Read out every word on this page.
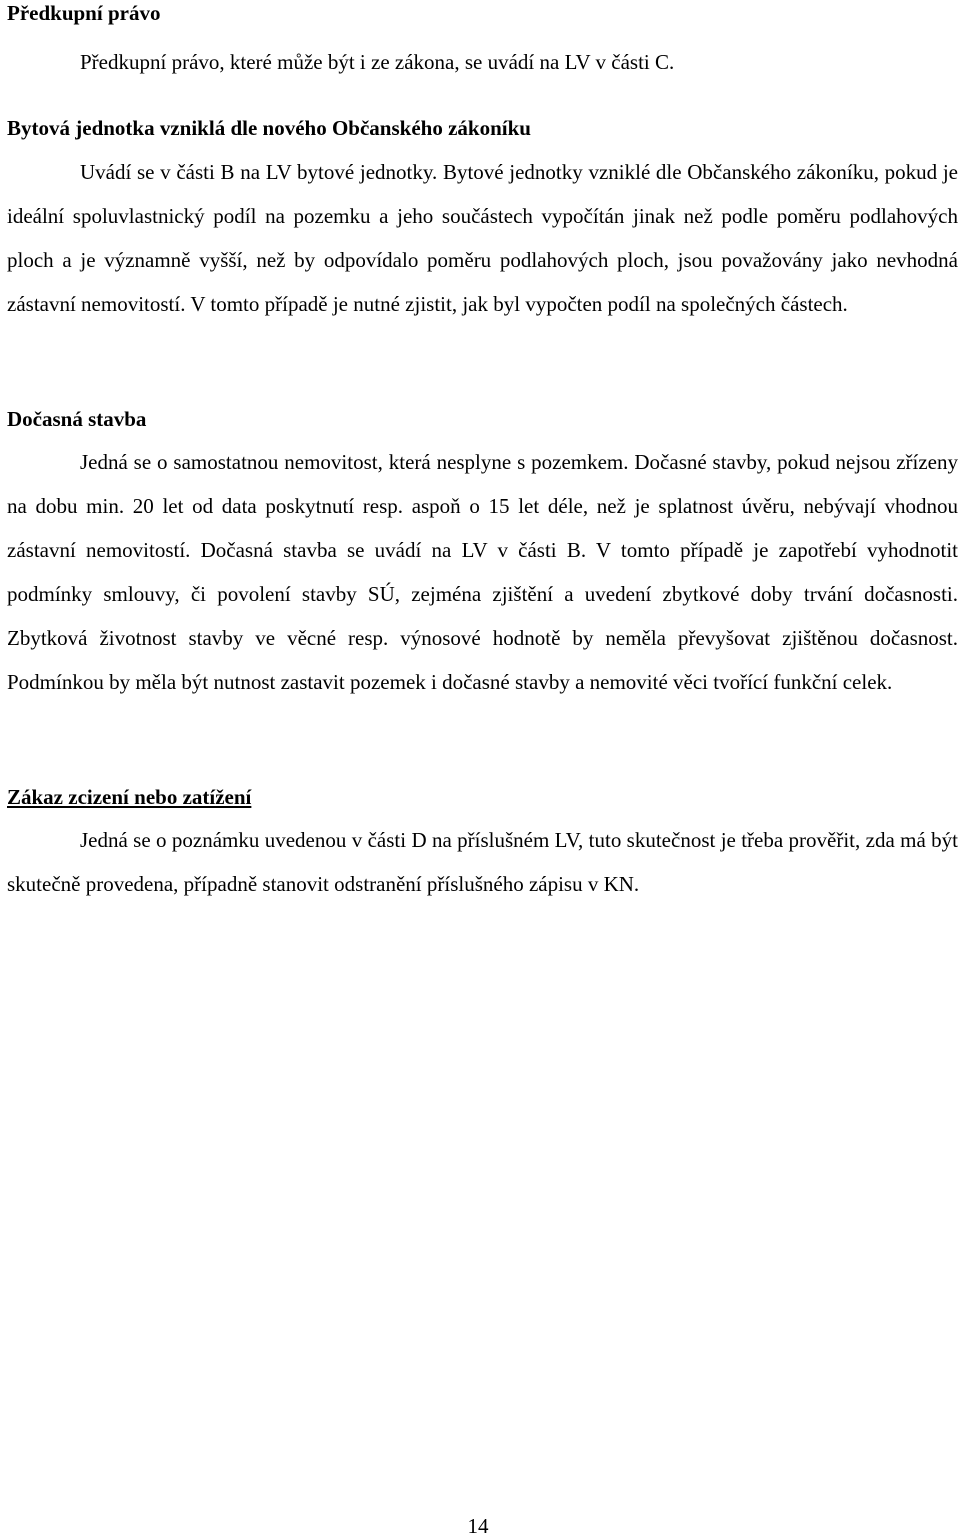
Předkupní právo

Předkupní právo, které může být i ze zákona, se uvádí na LV v části C.

Bytová jednotka vzniklá dle nového Občanského zákoníku

Uvádí se v části B na LV bytové jednotky. Bytové jednotky vzniklé dle Občanského zákoníku, pokud je ideální spoluvlastnický podíl na pozemku a jeho součástech vypočítán jinak než podle poměru podlahových ploch a je významně vyšší, než by odpovídalo poměru podlahových ploch, jsou považovány jako nevhodná zástavní nemovitostí. V tomto případě je nutné zjistit, jak byl vypočten podíl na společných částech.

Dočasná stavba

Jedná se o samostatnou nemovitost, která nesplyne s pozemkem. Dočasné stavby, pokud nejsou zřízeny na dobu min. 20 let od data poskytnutí resp. aspoň o 15 let déle, než je splatnost úvěru, nebývají vhodnou zástavní nemovitostí. Dočasná stavba se uvádí na LV v části B. V tomto případě je zapotřebí vyhodnotit podmínky smlouvy, či povolení stavby SÚ, zejména zjištění a uvedení zbytkové doby trvání dočasnosti. Zbytková životnost stavby ve věcné resp. výnosové hodnotě by neměla převyšovat zjištěnou dočasnost. Podmínkou by měla být nutnost zastavit pozemek i dočasné stavby a nemovité věci tvořící funkční celek.

Zákaz zcizení nebo zatížení

Jedná se o poznámku uvedenou v části D na příslušném LV, tuto skutečnost je třeba prověřit, zda má být skutečně provedena, případně stanovit odstranění příslušného zápisu v KN.

14
